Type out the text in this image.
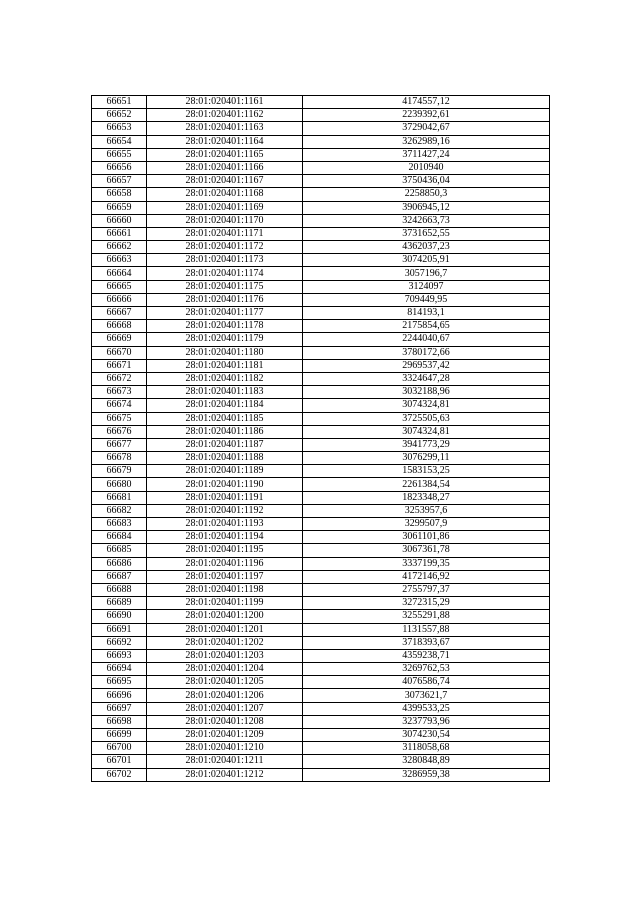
66651	28:01:020401:1161	4174557,12
66652	28:01:020401:1162	2239392,61
66653	28:01:020401:1163	3729042,67
66654	28:01:020401:1164	3262989,16
66655	28:01:020401:1165	3711427,24
66656	28:01:020401:1166	2010940
66657	28:01:020401:1167	3750436,04
66658	28:01:020401:1168	2258850,3
66659	28:01:020401:1169	3906945,12
66660	28:01:020401:1170	3242663,73
66661	28:01:020401:1171	3731652,55
66662	28:01:020401:1172	4362037,23
66663	28:01:020401:1173	3074205,91
66664	28:01:020401:1174	3057196,7
66665	28:01:020401:1175	3124097
66666	28:01:020401:1176	709449,95
66667	28:01:020401:1177	814193,1
66668	28:01:020401:1178	2175854,65
66669	28:01:020401:1179	2244040,67
66670	28:01:020401:1180	3780172,66
66671	28:01:020401:1181	2969537,42
66672	28:01:020401:1182	3324647,28
66673	28:01:020401:1183	3032188,96
66674	28:01:020401:1184	3074324,81
66675	28:01:020401:1185	3725505,63
66676	28:01:020401:1186	3074324,81
66677	28:01:020401:1187	3941773,29
66678	28:01:020401:1188	3076299,11
66679	28:01:020401:1189	1583153,25
66680	28:01:020401:1190	2261384,54
66681	28:01:020401:1191	1823348,27
66682	28:01:020401:1192	3253957,6
66683	28:01:020401:1193	3299507,9
66684	28:01:020401:1194	3061101,86
66685	28:01:020401:1195	3067361,78
66686	28:01:020401:1196	3337199,35
66687	28:01:020401:1197	4172146,92
66688	28:01:020401:1198	2755797,37
66689	28:01:020401:1199	3272315,29
66690	28:01:020401:1200	3255291,88
66691	28:01:020401:1201	1131557,88
66692	28:01:020401:1202	3718393,67
66693	28:01:020401:1203	4359238,71
66694	28:01:020401:1204	3269762,53
66695	28:01:020401:1205	4076586,74
66696	28:01:020401:1206	3073621,7
66697	28:01:020401:1207	4399533,25
66698	28:01:020401:1208	3237793,96
66699	28:01:020401:1209	3074230,54
66700	28:01:020401:1210	3118058,68
66701	28:01:020401:1211	3280848,89
66702	28:01:020401:1212	3286959,38
